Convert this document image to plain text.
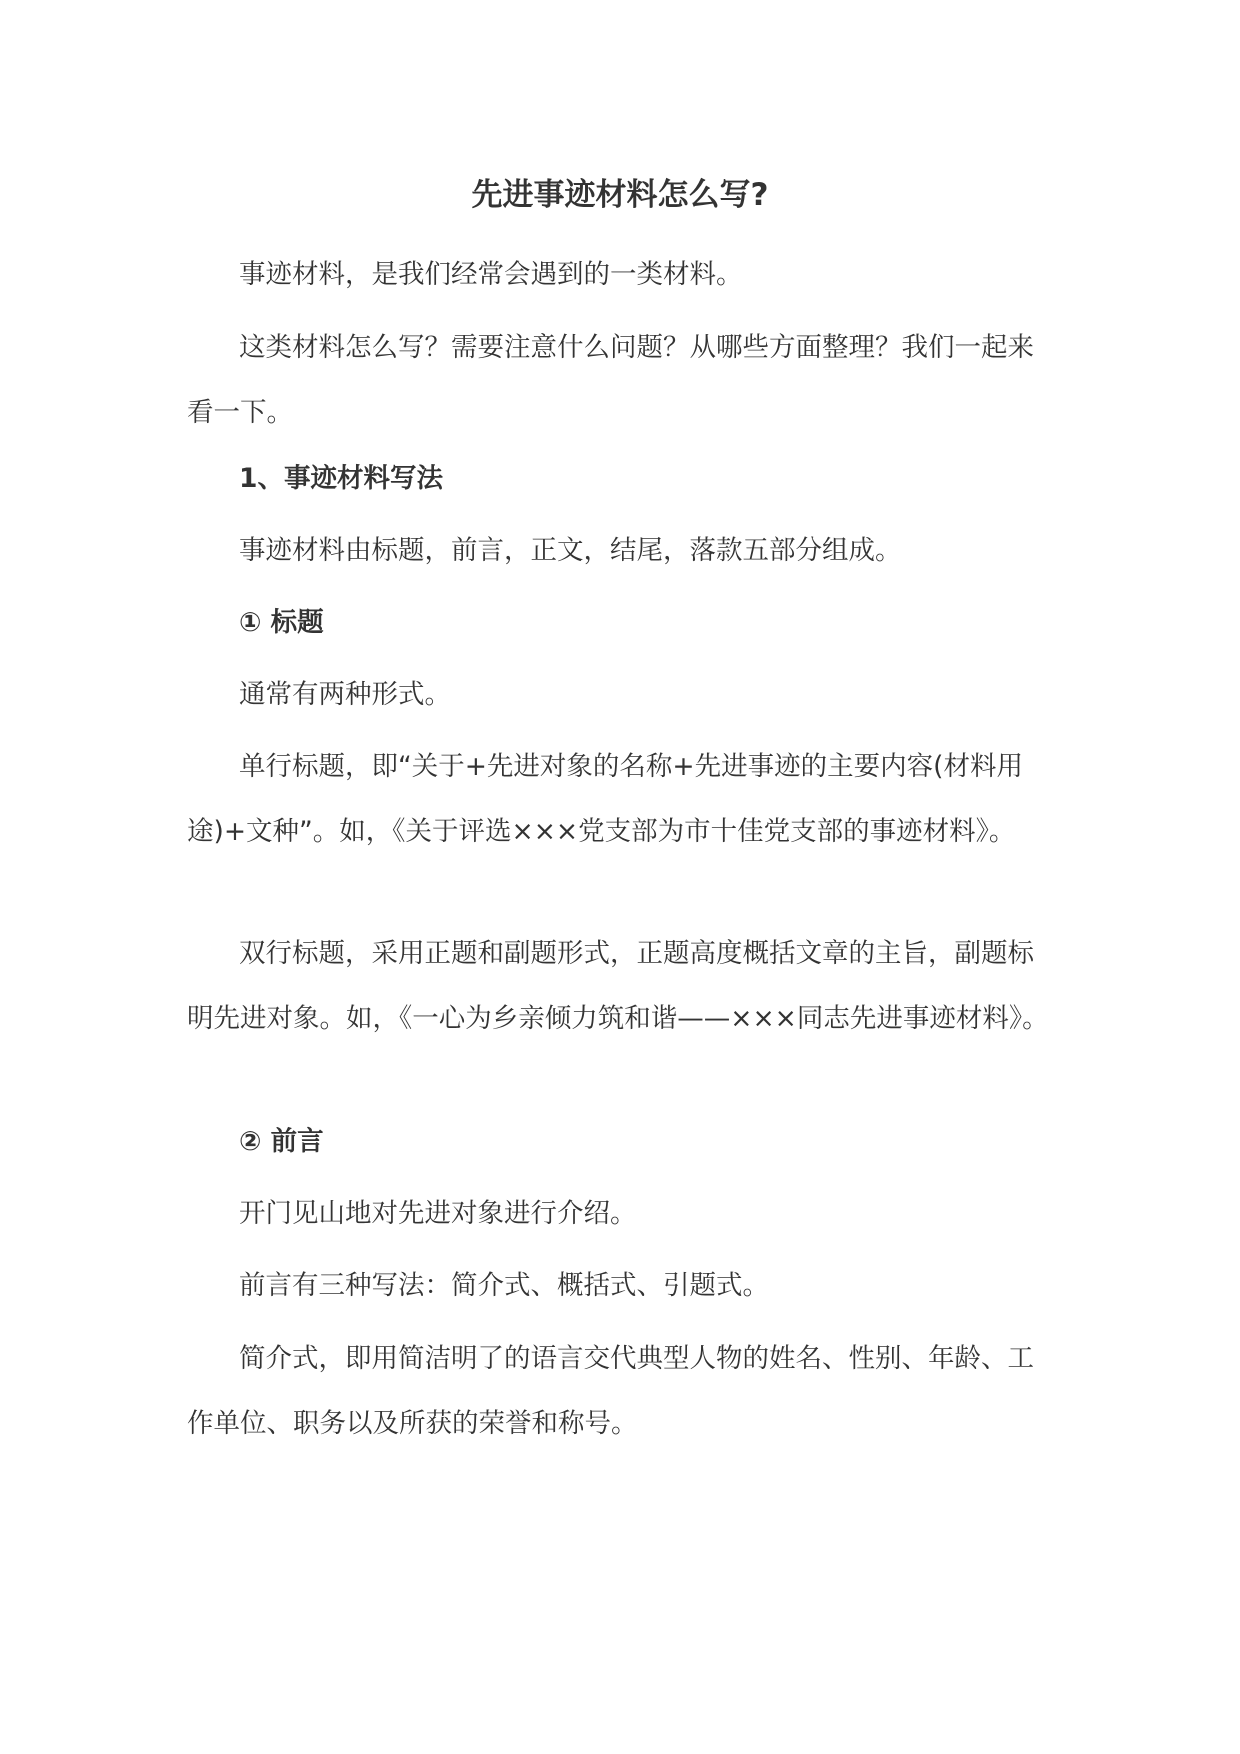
先进事迹材料怎么写?

事迹材料，是我们经常会遇到的一类材料。

这类材料怎么写？需要注意什么问题？从哪些方面整理？我们一起来看一下。

1、事迹材料写法

事迹材料由标题，前言，正文，结尾，落款五部分组成。

① 标题

通常有两种形式。

单行标题，即“关于+先进对象的名称+先进事迹的主要内容(材料用途)+文种”。如，《关于评选×××党支部为市十佳党支部的事迹材料》。

双行标题，采用正题和副题形式，正题高度概括文章的主旨，副题标明先进对象。如，《一心为乡亲倾力筑和谐——×××同志先进事迹材料》。

② 前言

开门见山地对先进对象进行介绍。

前言有三种写法：简介式、概括式、引题式。

简介式，即用简洁明了的语言交代典型人物的姓名、性别、年龄、工作单位、职务以及所获的荣誉和称号。
